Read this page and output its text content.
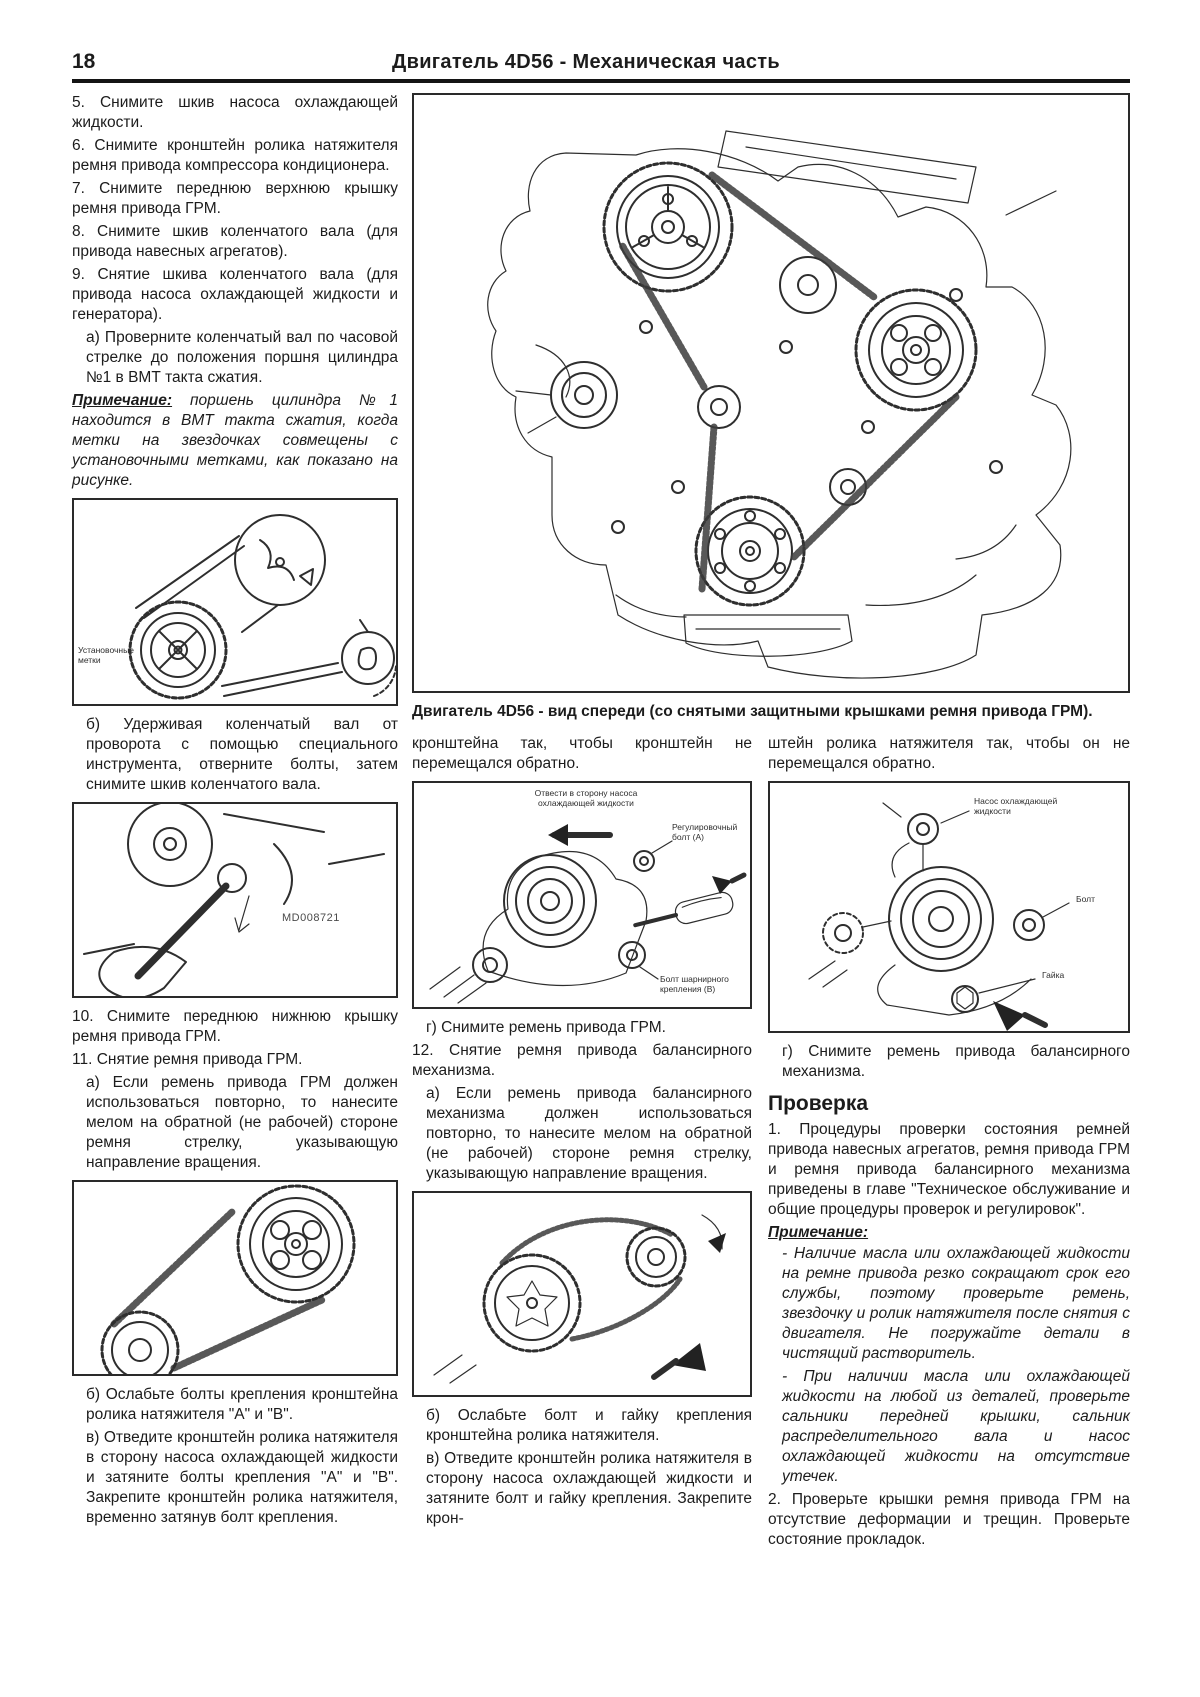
18	Двигатель 4D56 - Механическая часть

5. Снимите шкив насоса охлаждающей жидкости.

6. Снимите кронштейн ролика натяжителя ремня привода компрессора кондиционера.

7. Снимите переднюю верхнюю крышку ремня привода ГРМ.

8. Снимите шкив коленчатого вала (для привода навесных агрегатов).

9. Снятие шкива коленчатого вала (для привода насоса охлаждающей жидкости и генератора).

а) Проверните коленчатый вал по часовой стрелке до положения поршня цилиндра №1 в ВМТ такта сжатия.

Примечание: поршень цилиндра №1 находится в ВМТ такта сжатия, когда метки на звездочках совмещены с установочными метками, как показано на рисунке.

Установочные метки

б) Удерживая коленчатый вал от проворота с помощью специального инструмента, отверните болты, затем снимите шкив коленчатого вала.

MD008721

10. Снимите переднюю нижнюю крышку ремня привода ГРМ.

11. Снятие ремня привода ГРМ.

а) Если ремень привода ГРМ должен использоваться повторно, то нанесите мелом на обратной (не рабочей) стороне ремня стрелку, указывающую направление вращения.

б) Ослабьте болты крепления кронштейна ролика натяжителя "А" и "В".

в) Отведите кронштейн ролика натяжителя в сторону насоса охлаждающей жидкости и затяните болты крепления "А" и "В". Закрепите кронштейн ролика натяжителя, временно затянув болт крепления.

Двигатель 4D56 - вид спереди (со снятыми защитными крышками ремня привода ГРМ).

кронштейна так, чтобы кронштейн не перемещался обратно.

Отвести в сторону насоса охлаждающей жидкости
Регулировочный болт (А)
Болт шарнирного крепления (В)

г) Снимите ремень привода ГРМ.

12. Снятие ремня привода балансирного механизма.

а) Если ремень привода балансирного механизма должен использоваться повторно, то нанесите мелом на обратной (не рабочей) стороне ремня стрелку, указывающую направление вращения.

б) Ослабьте болт и гайку крепления кронштейна ролика натяжителя.

в) Отведите кронштейн ролика натяжителя в сторону насоса охлаждающей жидкости и затяните болт и гайку крепления. Закрепите крон-

штейн ролика натяжителя так, чтобы он не перемещался обратно.

Насос охлаждающей жидкости
Болт
Гайка

г) Снимите ремень привода балансирного механизма.

Проверка

1. Процедуры проверки состояния ремней привода навесных агрегатов, ремня привода ГРМ и ремня привода балансирного механизма приведены в главе "Техническое обслуживание и общие процедуры проверок и регулировок".

Примечание:

- Наличие масла или охлаждающей жидкости на ремне привода резко сокращают срок его службы, поэтому проверьте ремень, звездочку и ролик натяжителя после снятия с двигателя. Не погружайте детали в чистящий растворитель.

- При наличии масла или охлаждающей жидкости на любой из деталей, проверьте сальники передней крышки, сальник распределительного вала и насос охлаждающей жидкости на отсутствие утечек.

2. Проверьте крышки ремня привода ГРМ на отсутствие деформации и трещин. Проверьте состояние прокладок.
